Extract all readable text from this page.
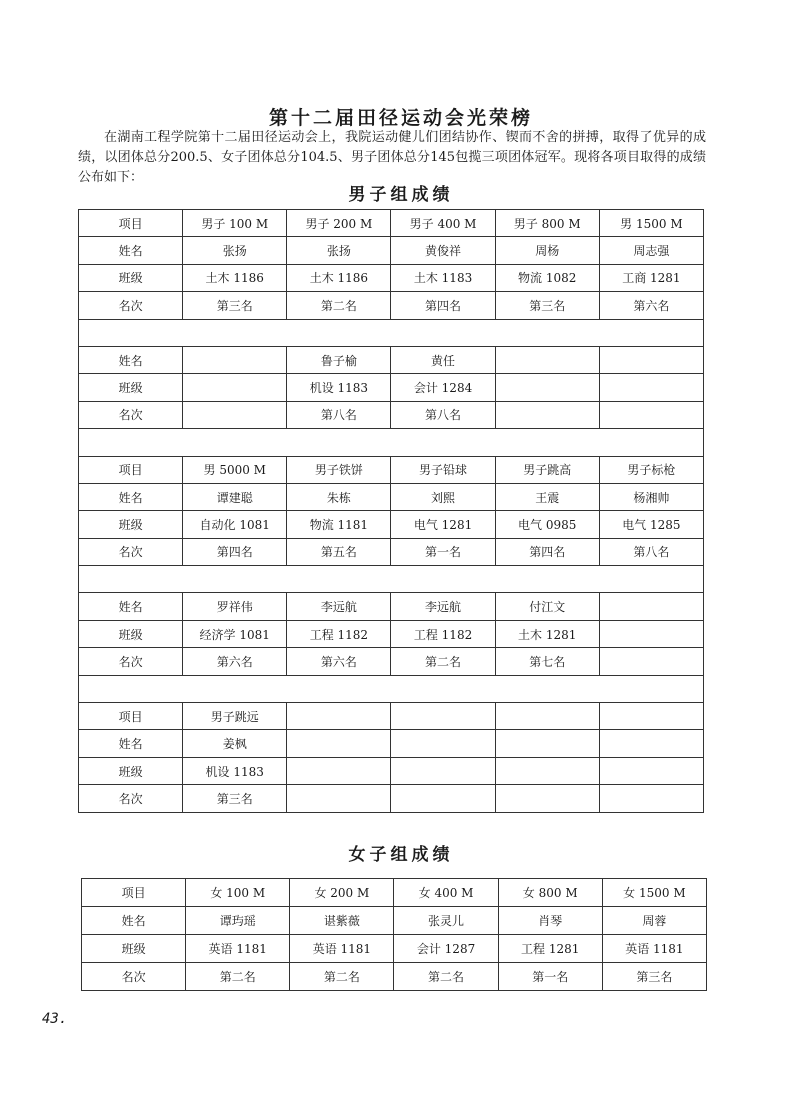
第十二届田径运动会光荣榜
在湖南工程学院第十二届田径运动会上，我院运动健儿们团结协作、锲而不舍的拼搏，取得了优异的成绩，以团体总分200.5、女子团体总分104.5、男子团体总分145包揽三项团体冠军。现将各项目取得的成绩公布如下：
男子组成绩
项目	男子 100 M	男子 200 M	男子 400 M	男子 800 M	男 1500 M
姓名	张扬	张扬	黄俊祥	周杨	周志强
班级	土木 1186	土木 1186	土木 1183	物流 1082	工商 1281
名次	第三名	第二名	第四名	第三名	第六名

姓名		鲁子榆	黄任		
班级		机设 1183	会计 1284		
名次		第八名	第八名		

项目	男 5000 M	男子铁饼	男子铅球	男子跳高	男子标枪
姓名	谭建聪	朱栋	刘熙	王震	杨湘帅
班级	自动化 1081	物流 1181	电气 1281	电气 0985	电气 1285
名次	第四名	第五名	第一名	第四名	第八名

姓名	罗祥伟	李远航	李远航	付江文	
班级	经济学 1081	工程 1182	工程 1182	土木 1281	
名次	第六名	第六名	第二名	第七名	

项目	男子跳远				
姓名	姜枫				
班级	机设 1183				
名次	第三名				
女子组成绩
项目	女 100 M	女 200 M	女 400 M	女 800 M	女 1500 M
姓名	谭玙瑶	谌紫薇	张灵儿	肖琴	周蓉
班级	英语 1181	英语 1181	会计 1287	工程 1281	英语 1181
名次	第二名	第二名	第二名	第一名	第三名
43.
